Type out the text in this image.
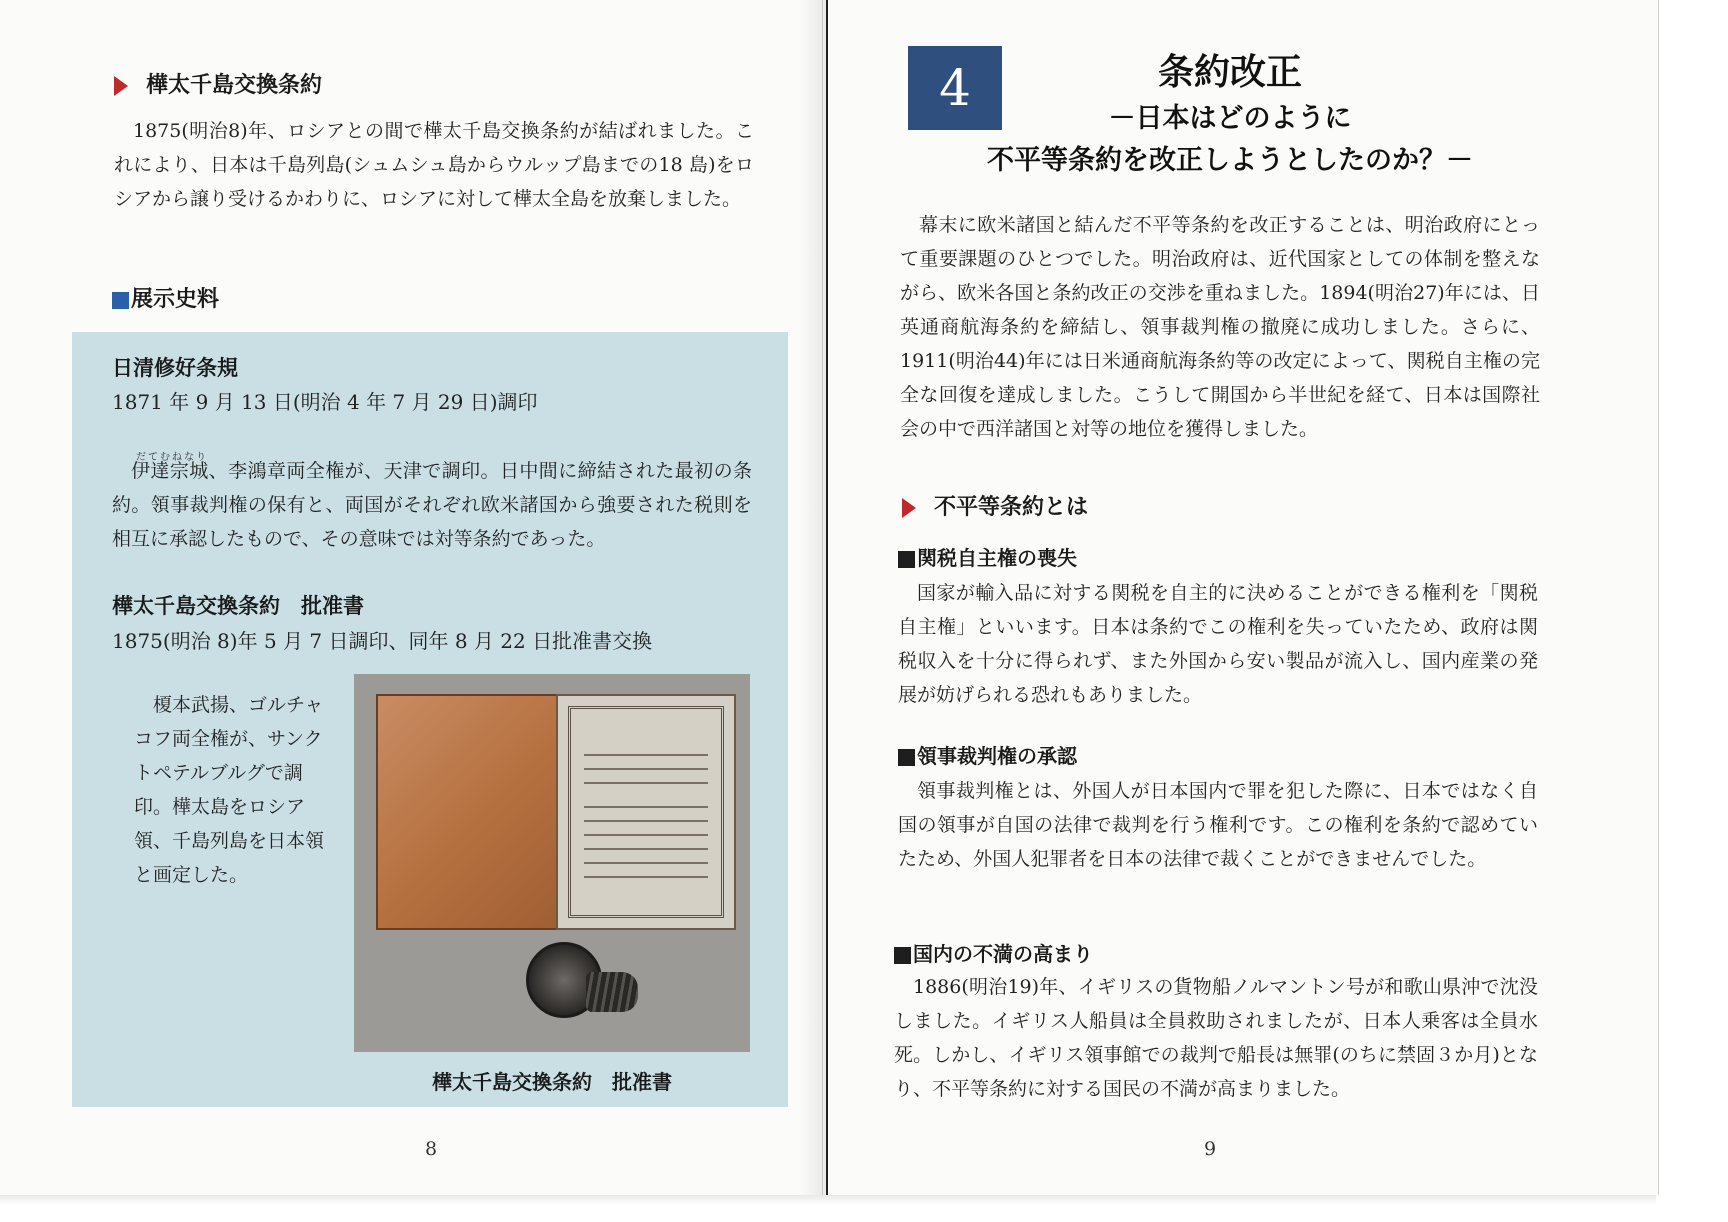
樺太千島交換条約

1875(明治8)年、ロシアとの間で樺太千島交換条約が結ばれました。これにより、日本は千島列島(シュムシュ島からウルップ島までの18 島)をロシアから譲り受けるかわりに、ロシアに対して樺太全島を放棄しました。

展示史料
日清修好条規
1871 年 9 月 13 日(明治 4 年 7 月 29 日)調印
だてむねなり

伊達宗城、李鴻章両全権が、天津で調印。日中間に締結された最初の条約。領事裁判権の保有と、両国がそれぞれ欧米諸国から強要された税則を相互に承認したもので、その意味では対等条約であった。

樺太千島交換条約　批准書
1875(明治 8)年 5 月 7 日調印、同年 8 月 22 日批准書交換

榎本武揚、ゴルチャコフ両全権が、サンクトペテルブルグで調印。樺太島をロシア領、千島列島を日本領と画定した。

樺太千島交換条約　批准書
8
4	条約改正
－日本はどのように
不平等条約を改正しようとしたのか？－

幕末に欧米諸国と結んだ不平等条約を改正することは、明治政府にとって重要課題のひとつでした。明治政府は、近代国家としての体制を整えながら、欧米各国と条約改正の交渉を重ねました。1894(明治27)年には、日英通商航海条約を締結し、領事裁判権の撤廃に成功しました。さらに、1911(明治44)年には日米通商航海条約等の改定によって、関税自主権の完全な回復を達成しました。こうして開国から半世紀を経て、日本は国際社会の中で西洋諸国と対等の地位を獲得しました。

不平等条約とは
関税自主権の喪失

国家が輸入品に対する関税を自主的に決めることができる権利を「関税自主権」といいます。日本は条約でこの権利を失っていたため、政府は関税収入を十分に得られず、また外国から安い製品が流入し、国内産業の発展が妨げられる恐れもありました。

領事裁判権の承認

領事裁判権とは、外国人が日本国内で罪を犯した際に、日本ではなく自国の領事が自国の法律で裁判を行う権利です。この権利を条約で認めていたため、外国人犯罪者を日本の法律で裁くことができませんでした。

国内の不満の高まり

1886(明治19)年、イギリスの貨物船ノルマントン号が和歌山県沖で沈没しました。イギリス人船員は全員救助されましたが、日本人乗客は全員水死。しかし、イギリス領事館での裁判で船長は無罪(のちに禁固３か月)となり、不平等条約に対する国民の不満が高まりました。

9
